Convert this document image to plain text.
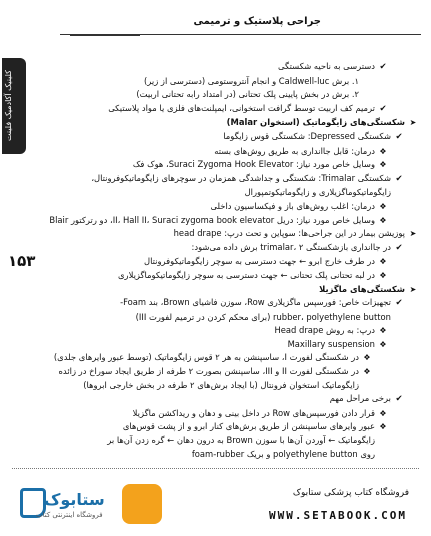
جراحی پلاستیک و ترمیمی
کلینیک آکادمیک فلینت
۱۵۳
✔دسترسی به ناحیه شکستگی
۱. برش Caldwell-luc و انجام آنتروستومی (دسترسی از زیر)
۲. برش در بخش پایینی پلک تحتانی (در امتداد رابه تحتانی اربیت)
✔ترمیم کف اربیت توسط گرافت استخوانی، ایمپلنت‌های فلزی یا مواد پلاستیکی
➤شکستگی‌های زایگوماتیک (استخوان Malar)
✔شکستگی Depressed: شکستگی قوس زایگوما
❖درمان: قابل جاانداری به طریق روش‌های بسته
❖وسایل خاص مورد نیاز: Suraci Zygoma Hook Elevator، هوک فک
✔شکستگی Trimalar: شکستگی و جداشدگی همزمان در سوچرهای زایگوماتیکوفرونتال،
زایگوماتیکوماگزیلاری و زایگوماتیکوتمپورال
❖درمان: اغلب روش‌های باز و فیکساسیون داخلی
❖وسایل خاص مورد نیاز: دریل II، Hall II، Suraci zygoma book elevator، دو رترکتور Blair
➤پوزیشن بیمار در این جراحی‌ها: سوپاین و تحت درپ: head drape
✔در جاانداری بازشکستگی trimalar، ۲ برش داده می‌شود:
❖در طرف خارج ابرو ← جهت دسترسی به سوچر زایگوماتیکوفرونتال
❖در لبه تحتانی پلک تحتانی ← جهت دسترسی به سوچر زایگوماتیکوماگزیلاری
➤شکستگی‌های ماگزیلا
✔تجهیزات خاص: فورسپس ماگزیلاری Row، سوزن فاشیای Brown، بند Foam-
rubber، polyethylene button (برای محکم کردن در ترمیم لفورت III)
❖درپ: به روش Head drape
❖Maxillary suspension
❖در شکستگی لفورت I، ساسپنشن به هر ۲ قوس زایگوماتیک (توسط عبور وایرهای جلدی)
❖در شکستگی لفورت II و III، ساسپنشن بصورت ۲ طرفه از طریق ایجاد سوراخ در زائده
زایگوماتیک استخوان فرونتال (با ایجاد برش‌های ۲ طرفه در بخش خارجی ابروها)
✔برخی مراحل مهم
❖قرار دادن فورسپس‌های Row در داخل بینی و دهان و ریداکشن ماگزیلا
❖عبور وایرهای ساسپنشن از طریق برش‌های کنار ابرو و از پشت قوس‌های
زایگوماتیک ← آوردن آن‌ها با سوزن Brown به درون دهان ← گره زدن آن‌ها بر
روی polyethylene button و بریک foam-rubber
ستابوک
فروشگاه اینترنتی کتاب
فروشگاه کتاب پزشکی ستابوک
WWW.SETABOOK.COM
